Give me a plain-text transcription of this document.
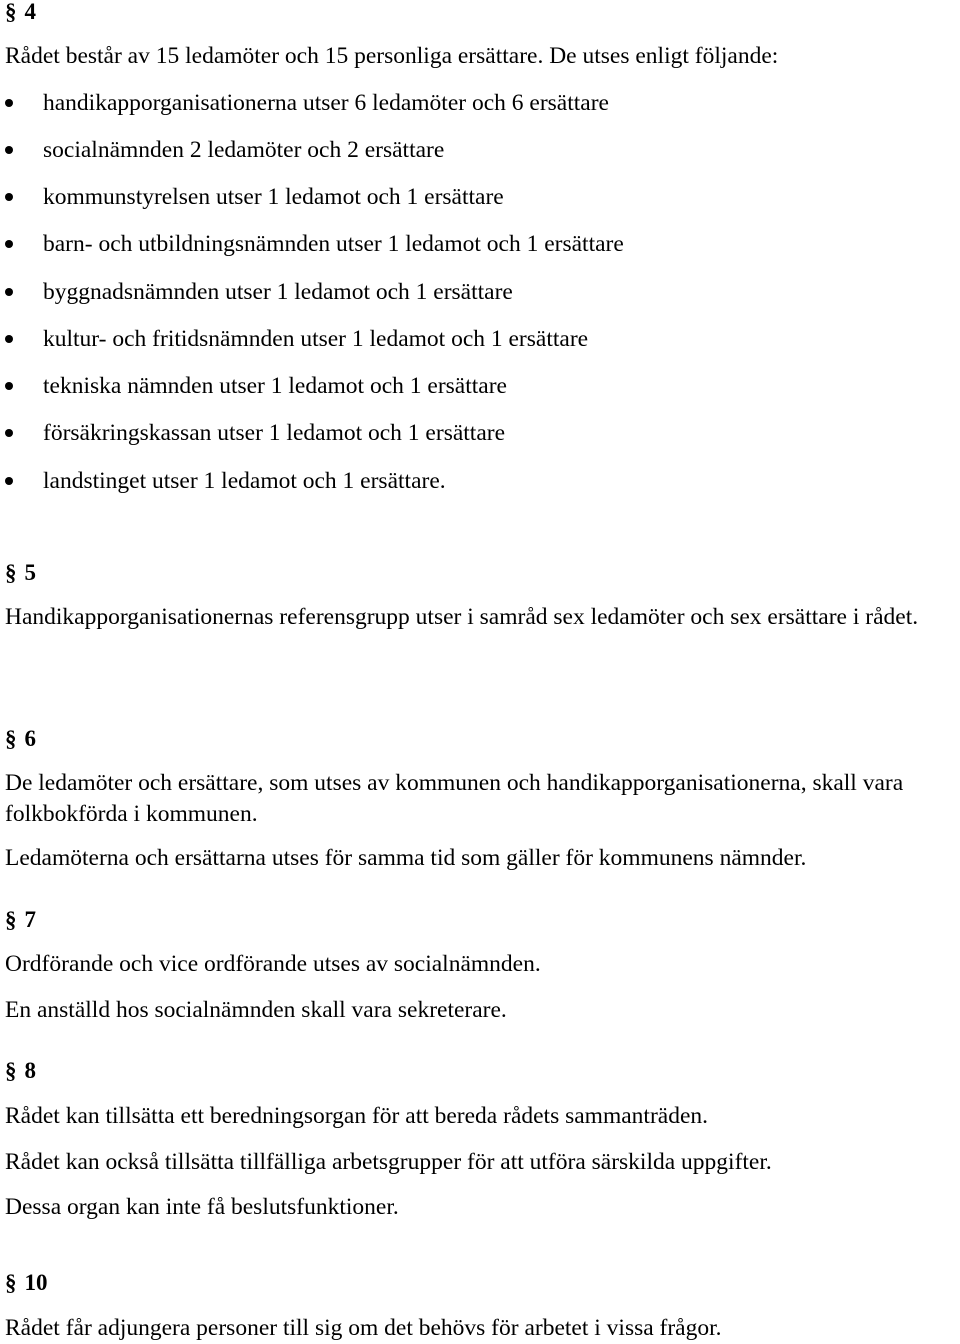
§ 4
Rådet består av 15 ledamöter och 15 personliga ersättare. De utses enligt följande:
handikapporganisationerna utser 6 ledamöter och 6 ersättare
socialnämnden 2 ledamöter och 2 ersättare
kommunstyrelsen utser 1 ledamot och 1 ersättare
barn- och utbildningsnämnden utser 1 ledamot och 1 ersättare
byggnadsnämnden utser 1 ledamot och 1 ersättare
kultur- och fritidsnämnden utser 1 ledamot och 1 ersättare
tekniska nämnden utser 1 ledamot och 1 ersättare
försäkringskassan utser 1 ledamot och 1 ersättare
landstinget utser 1 ledamot och 1 ersättare.
§ 5
Handikapporganisationernas referensgrupp utser i samråd sex ledamöter och sex ersättare i rådet.
§ 6
De ledamöter och ersättare, som utses av kommunen och handikapporganisationerna, skall vara folkbokförda i kommunen.
Ledamöterna och ersättarna utses för samma tid som gäller för kommunens nämnder.
§ 7
Ordförande och vice ordförande utses av socialnämnden.
En anställd hos socialnämnden skall vara sekreterare.
§ 8
Rådet kan tillsätta ett beredningsorgan för att bereda rådets sammanträden.
Rådet kan också tillsätta tillfälliga arbetsgrupper för att utföra särskilda uppgifter.
Dessa organ kan inte få beslutsfunktioner.
§ 10
Rådet får adjungera personer till sig om det behövs för arbetet i vissa frågor.
